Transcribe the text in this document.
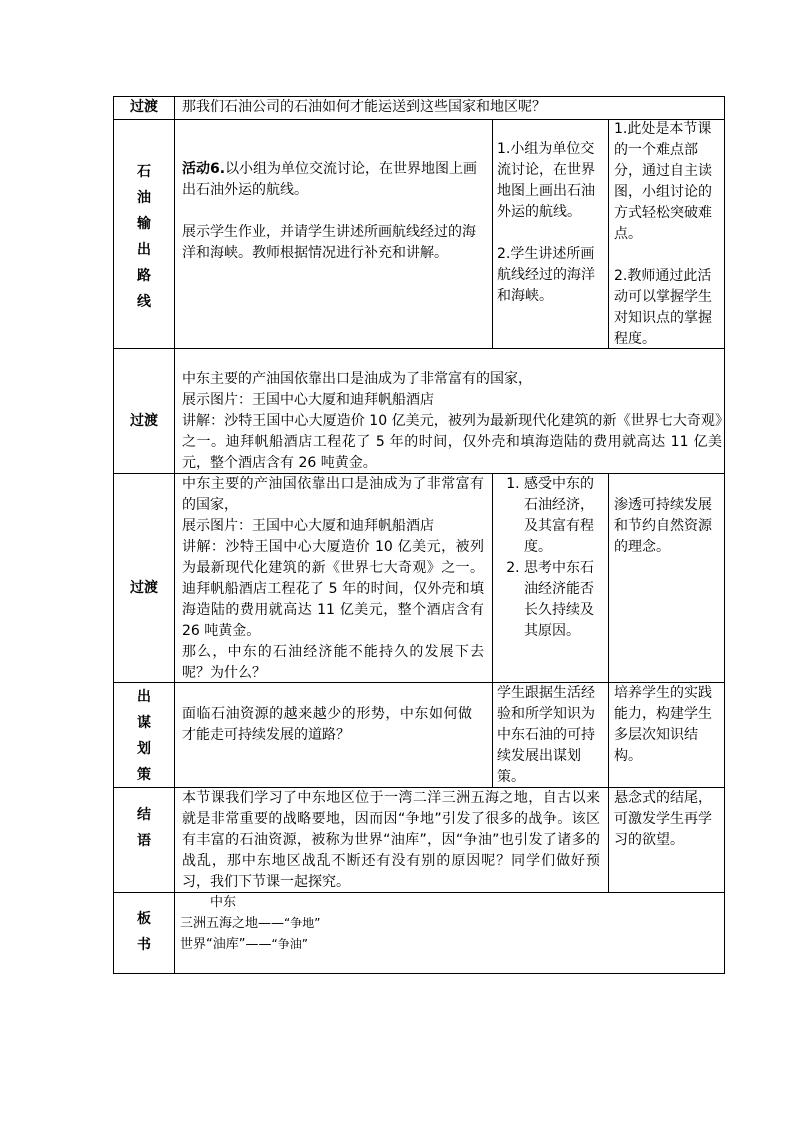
过渡	那我们石油公司的石油如何才能运送到这些国家和地区呢？
石
油
输
出
路
线

活动6.以小组为单位交流讨论，在世界地图上画出石油外运的航线。

展示学生作业，并请学生讲述所画航线经过的海洋和海峡。教师根据情况进行补充和讲解。

1.小组为单位交流讨论，在世界地图上画出石油外运的航线。

2.学生讲述所画航线经过的海洋和海峡。

1.此处是本节课的一个难点部分，通过自主读图，小组讨论的方式轻松突破难点。

2.教师通过此活动可以掌握学生对知识点的掌握程度。

过渡

中东主要的产油国依靠出口是油成为了非常富有的国家，

展示图片：王国中心大厦和迪拜帆船酒店

讲解：沙特王国中心大厦造价 10 亿美元，被列为最新现代化建筑的新《世界七大奇观》之一。迪拜帆船酒店工程花了 5 年的时间，仅外壳和填海造陆的费用就高达 11 亿美元，整个酒店含有 26 吨黄金。

过渡

中东主要的产油国依靠出口是油成为了非常富有的国家，

展示图片：王国中心大厦和迪拜帆船酒店

讲解：沙特王国中心大厦造价 10 亿美元，被列为最新现代化建筑的新《世界七大奇观》之一。迪拜帆船酒店工程花了 5 年的时间，仅外壳和填海造陆的费用就高达 11 亿美元，整个酒店含有 26 吨黄金。

那么，中东的石油经济能不能持久的发展下去呢？为什么？

1. 感受中东的石油经济，及其富有程度。
2. 思考中东石油经济能否长久持续及其原因。
渗透可持续发展和节约自然资源的理念。
出
谋
划
策
面临石油资源的越来越少的形势，中东如何做才能走可持续发展的道路？
学生跟据生活经验和所学知识为中东石油的可持续发展出谋划策。
培养学生的实践能力，构建学生多层次知识结构。
结
语
本节课我们学习了中东地区位于一湾二洋三洲五海之地，自古以来就是非常重要的战略要地，因而因“争地”引发了很多的战争。该区有丰富的石油资源，被称为世界“油库”，因“争油”也引发了诸多的战乱，那中东地区战乱不断还有没有别的原因呢？同学们做好预习，我们下节课一起探究。
悬念式的结尾，可激发学生再学习的欲望。
板
书

中东

三洲五海之地——“争地”

世界“油库”——“争油”
